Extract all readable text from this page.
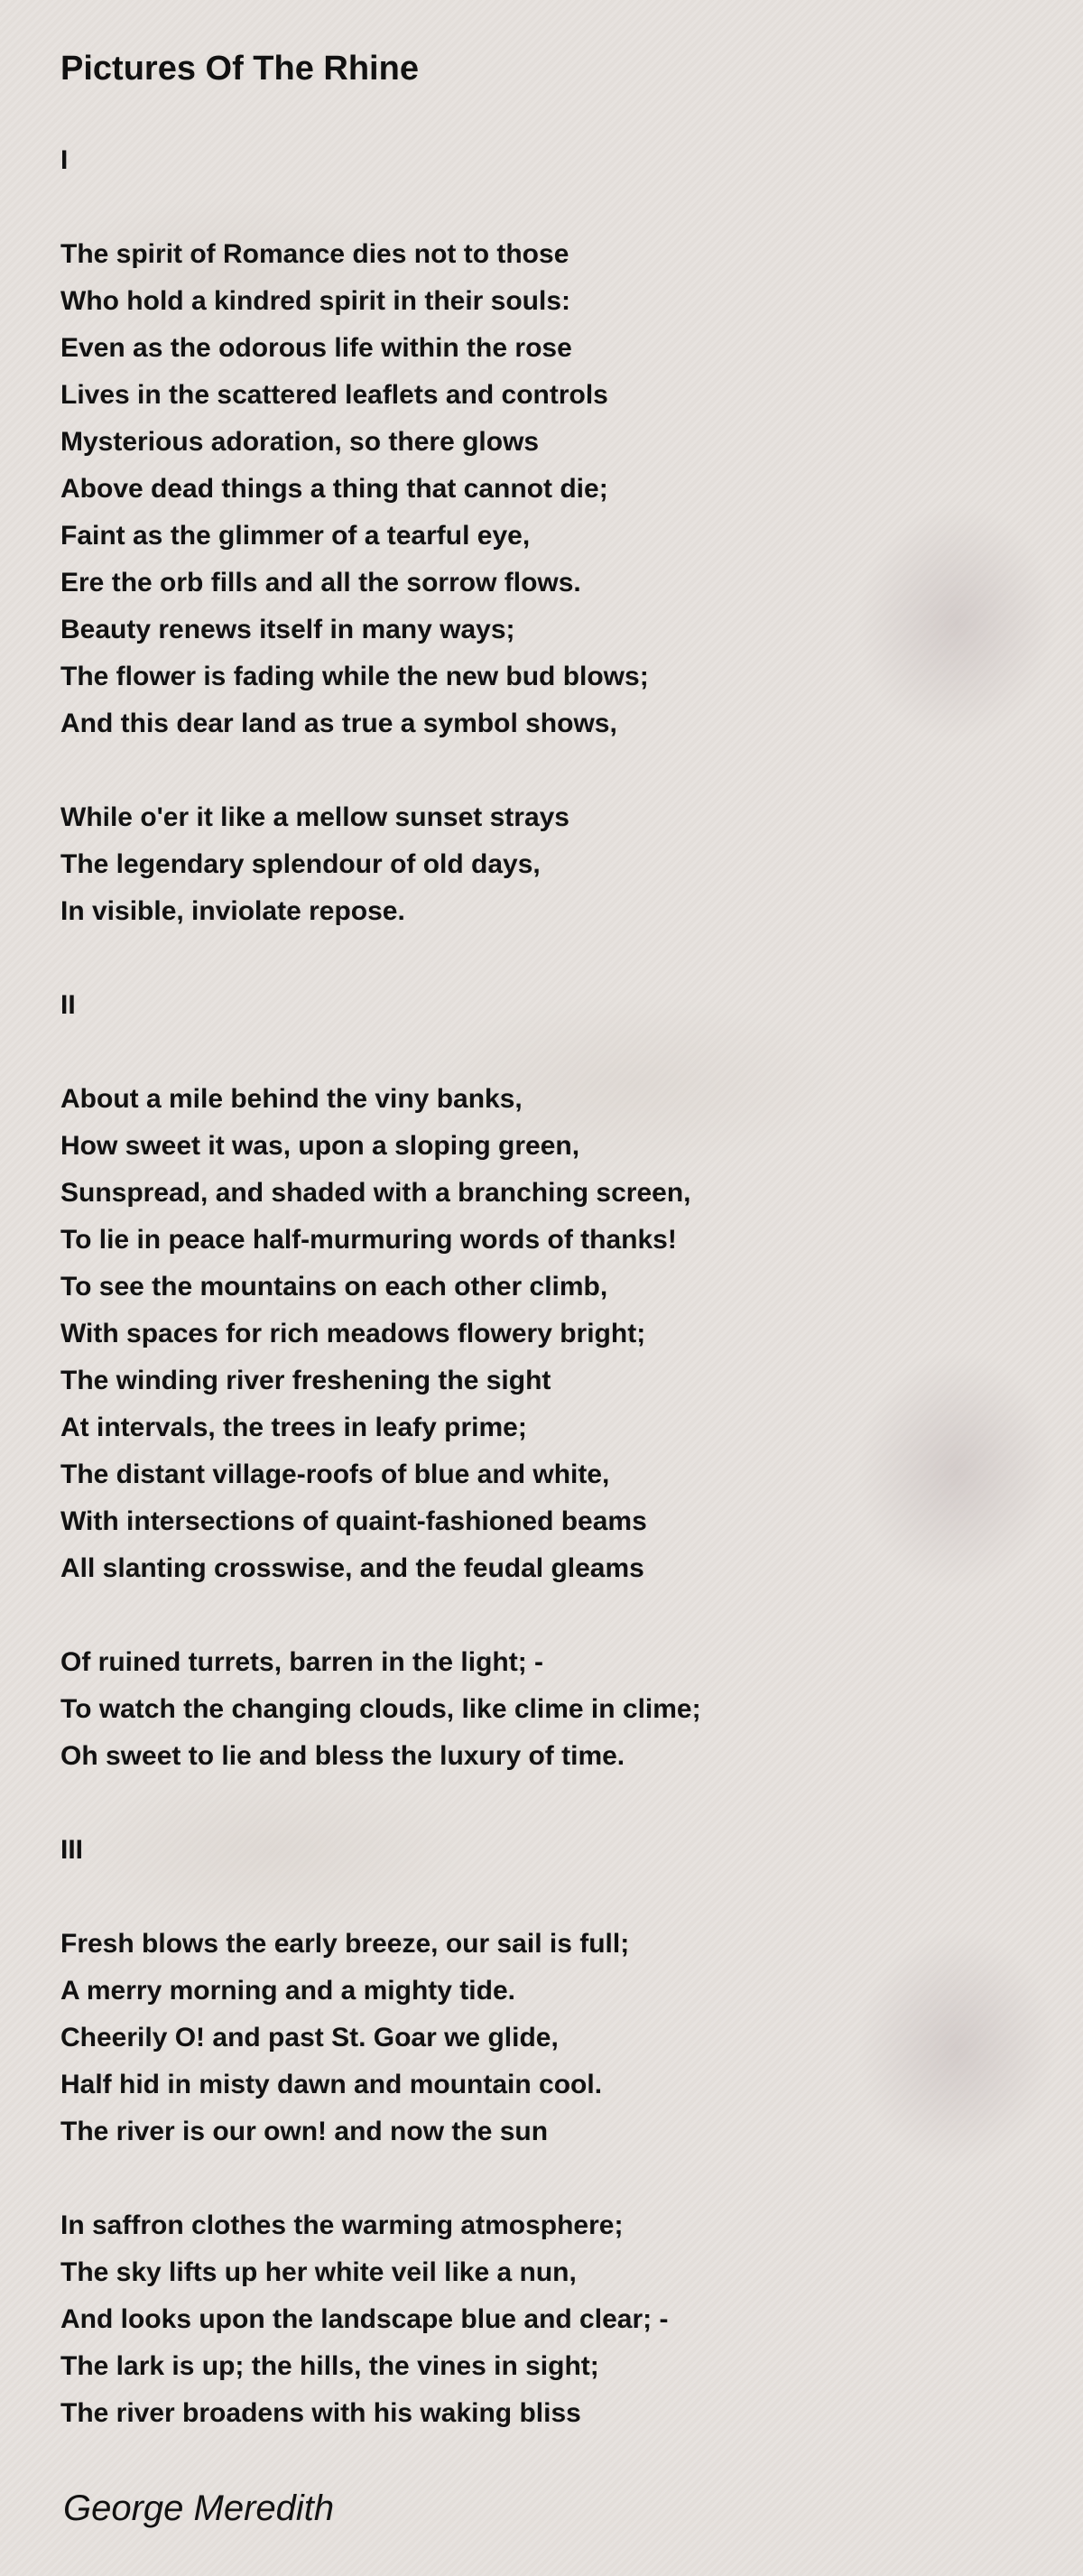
Pictures Of The Rhine
I
The spirit of Romance dies not to those
Who hold a kindred spirit in their souls:
Even as the odorous life within the rose
Lives in the scattered leaflets and controls
Mysterious adoration, so there glows
Above dead things a thing that cannot die;
Faint as the glimmer of a tearful eye,
Ere the orb fills and all the sorrow flows.
Beauty renews itself in many ways;
The flower is fading while the new bud blows;
And this dear land as true a symbol shows,
While o'er it like a mellow sunset strays
The legendary splendour of old days,
In visible, inviolate repose.
II
About a mile behind the viny banks,
How sweet it was, upon a sloping green,
Sunspread, and shaded with a branching screen,
To lie in peace half-murmuring words of thanks!
To see the mountains on each other climb,
With spaces for rich meadows flowery bright;
The winding river freshening the sight
At intervals, the trees in leafy prime;
The distant village-roofs of blue and white,
With intersections of quaint-fashioned beams
All slanting crosswise, and the feudal gleams
Of ruined turrets, barren in the light; -
To watch the changing clouds, like clime in clime;
Oh sweet to lie and bless the luxury of time.
III
Fresh blows the early breeze, our sail is full;
A merry morning and a mighty tide.
Cheerily O! and past St. Goar we glide,
Half hid in misty dawn and mountain cool.
The river is our own! and now the sun
In saffron clothes the warming atmosphere;
The sky lifts up her white veil like a nun,
And looks upon the landscape blue and clear; -
The lark is up; the hills, the vines in sight;
The river broadens with his waking bliss
George Meredith
